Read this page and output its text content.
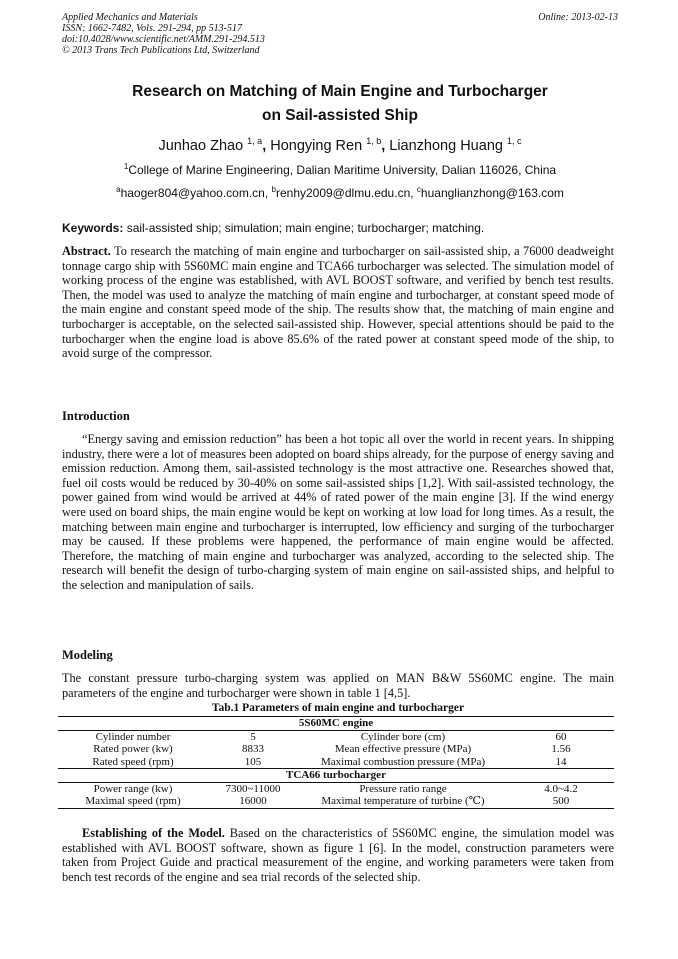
Applied Mechanics and Materials
ISSN: 1662-7482, Vols. 291-294, pp 513-517
doi:10.4028/www.scientific.net/AMM.291-294.513
© 2013 Trans Tech Publications Ltd, Switzerland
Online: 2013-02-13
Research on Matching of Main Engine and Turbocharger
on Sail-assisted Ship
Junhao Zhao $^{1, a}$, Hongying Ren $^{1, b}$, Lianzhong Huang $^{1, c}$
$^1$College of Marine Engineering, Dalian Maritime University, Dalian 116026, China
$^a$haoger804@yahoo.com.cn, $^b$renhy2009@dlmu.edu.cn, $^c$huanglianzhong@163.com
Keywords: sail-assisted ship; simulation; main engine; turbocharger; matching.
Abstract. To research the matching of main engine and turbocharger on sail-assisted ship, a 76000 deadweight tonnage cargo ship with 5S60MC main engine and TCA66 turbocharger was selected. The simulation model of working process of the engine was established, with AVL BOOST software, and verified by bench test results. Then, the model was used to analyze the matching of main engine and turbocharger, at constant speed mode of the main engine and constant speed mode of the ship. The results show that, the matching of main engine and turbocharger is acceptable, on the selected sail-assisted ship. However, special attentions should be paid to the turbocharger when the engine load is above 85.6% of the rated power at constant speed mode of the ship, to avoid surge of the compressor.
Introduction
“Energy saving and emission reduction” has been a hot topic all over the world in recent years. In shipping industry, there were a lot of measures been adopted on board ships already, for the purpose of energy saving and emission reduction. Among them, sail-assisted technology is the most attractive one. Researches showed that, fuel oil costs would be reduced by 30-40% on some sail-assisted ships [1,2]. With sail-assisted technology, the power gained from wind would be arrived at 44% of rated power of the main engine [3]. If the wind energy were used on board ships, the main engine would be kept on working at low load for long times. As a result, the matching between main engine and turbocharger is interrupted, low efficiency and surging of the turbocharger may be caused. If these problems were happened, the performance of main engine would be affected. Therefore, the matching of main engine and turbocharger was analyzed, according to the selected ship. The research will benefit the design of turbo-charging system of main engine on sail-assisted ships, and helpful to the selection and manipulation of sails.
Modeling
The constant pressure turbo-charging system was applied on MAN B&W 5S60MC engine. The main parameters of the engine and turbocharger were shown in table 1 [4,5].
Tab.1 Parameters of main engine and turbocharger
5S60MC engine			
Cylinder number	5	Cylinder bore (cm)	60
Rated power (kw)	8833	Mean effective pressure (MPa)	1.56
Rated speed (rpm)	105	Maximal combustion pressure (MPa)	14
TCA66 turbocharger			
Power range (kw)	7300~11000	Pressure ratio range	4.0~4.2
Maximal speed (rpm)	16000	Maximal temperature of turbine (℃)	500
Establishing of the Model. Based on the characteristics of 5S60MC engine, the simulation model was established with AVL BOOST software, shown as figure 1 [6]. In the model, construction parameters were taken from Project Guide and practical measurement of the engine, and working parameters were taken from bench test records of the engine and sea trial records of the selected ship.
